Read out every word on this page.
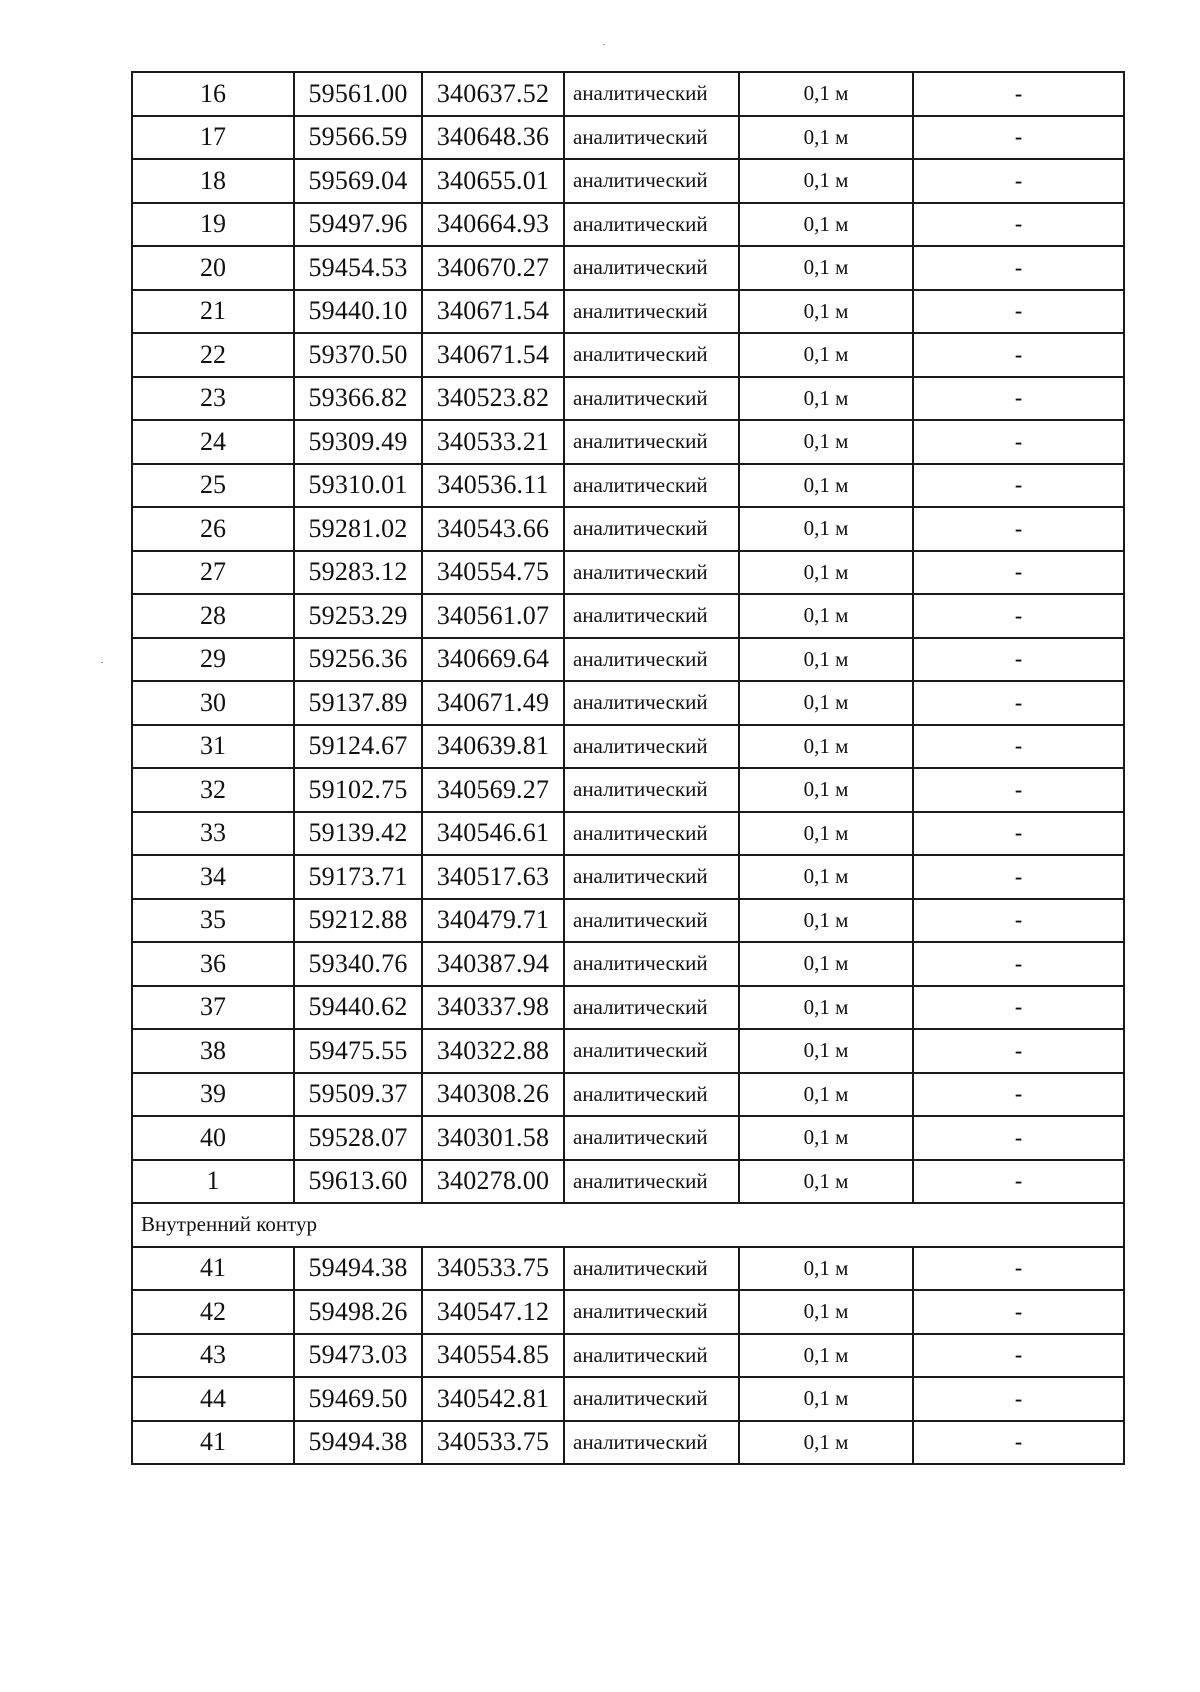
16	59561.00	340637.52	аналитический	0,1 м	-
17	59566.59	340648.36	аналитический	0,1 м	-
18	59569.04	340655.01	аналитический	0,1 м	-
19	59497.96	340664.93	аналитический	0,1 м	-
20	59454.53	340670.27	аналитический	0,1 м	-
21	59440.10	340671.54	аналитический	0,1 м	-
22	59370.50	340671.54	аналитический	0,1 м	-
23	59366.82	340523.82	аналитический	0,1 м	-
24	59309.49	340533.21	аналитический	0,1 м	-
25	59310.01	340536.11	аналитический	0,1 м	-
26	59281.02	340543.66	аналитический	0,1 м	-
27	59283.12	340554.75	аналитический	0,1 м	-
28	59253.29	340561.07	аналитический	0,1 м	-
29	59256.36	340669.64	аналитический	0,1 м	-
30	59137.89	340671.49	аналитический	0,1 м	-
31	59124.67	340639.81	аналитический	0,1 м	-
32	59102.75	340569.27	аналитический	0,1 м	-
33	59139.42	340546.61	аналитический	0,1 м	-
34	59173.71	340517.63	аналитический	0,1 м	-
35	59212.88	340479.71	аналитический	0,1 м	-
36	59340.76	340387.94	аналитический	0,1 м	-
37	59440.62	340337.98	аналитический	0,1 м	-
38	59475.55	340322.88	аналитический	0,1 м	-
39	59509.37	340308.26	аналитический	0,1 м	-
40	59528.07	340301.58	аналитический	0,1 м	-
1	59613.60	340278.00	аналитический	0,1 м	-
Внутренний контур					
41	59494.38	340533.75	аналитический	0,1 м	-
42	59498.26	340547.12	аналитический	0,1 м	-
43	59473.03	340554.85	аналитический	0,1 м	-
44	59469.50	340542.81	аналитический	0,1 м	-
41	59494.38	340533.75	аналитический	0,1 м	-
